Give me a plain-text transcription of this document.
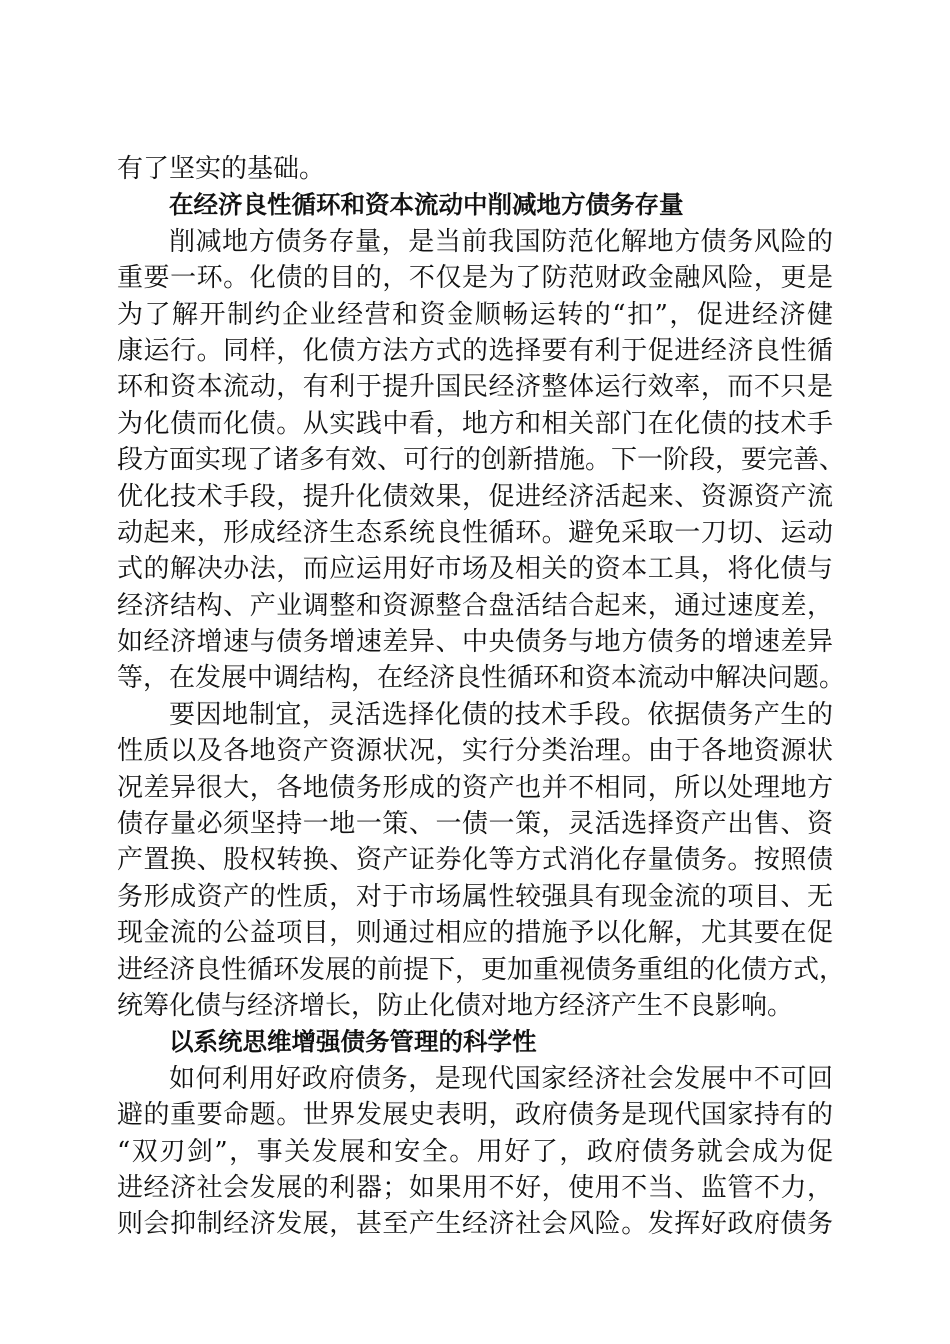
有了坚实的基础。
在经济良性循环和资本流动中削减地方债务存量
削减地方债务存量，是当前我国防范化解地方债务风险的
重要一环。化债的目的，不仅是为了防范财政金融风险，更是
为了解开制约企业经营和资金顺畅运转的“扣”，促进经济健
康运行。同样，化债方法方式的选择要有利于促进经济良性循
环和资本流动，有利于提升国民经济整体运行效率，而不只是
为化债而化债。从实践中看，地方和相关部门在化债的技术手
段方面实现了诸多有效、可行的创新措施。下一阶段，要完善、
优化技术手段，提升化债效果，促进经济活起来、资源资产流
动起来，形成经济生态系统良性循环。避免采取一刀切、运动
式的解决办法，而应运用好市场及相关的资本工具，将化债与
经济结构、产业调整和资源整合盘活结合起来，通过速度差，
如经济增速与债务增速差异、中央债务与地方债务的增速差异
等，在发展中调结构，在经济良性循环和资本流动中解决问题。
要因地制宜，灵活选择化债的技术手段。依据债务产生的
性质以及各地资产资源状况，实行分类治理。由于各地资源状
况差异很大，各地债务形成的资产也并不相同，所以处理地方
债存量必须坚持一地一策、一债一策，灵活选择资产出售、资
产置换、股权转换、资产证券化等方式消化存量债务。按照债
务形成资产的性质，对于市场属性较强具有现金流的项目、无
现金流的公益项目，则通过相应的措施予以化解，尤其要在促
进经济良性循环发展的前提下，更加重视债务重组的化债方式，
统筹化债与经济增长，防止化债对地方经济产生不良影响。
以系统思维增强债务管理的科学性
如何利用好政府债务，是现代国家经济社会发展中不可回
避的重要命题。世界发展史表明，政府债务是现代国家持有的
“双刃剑”，事关发展和安全。用好了，政府债务就会成为促
进经济社会发展的利器；如果用不好，使用不当、监管不力，
则会抑制经济发展，甚至产生经济社会风险。发挥好政府债务
